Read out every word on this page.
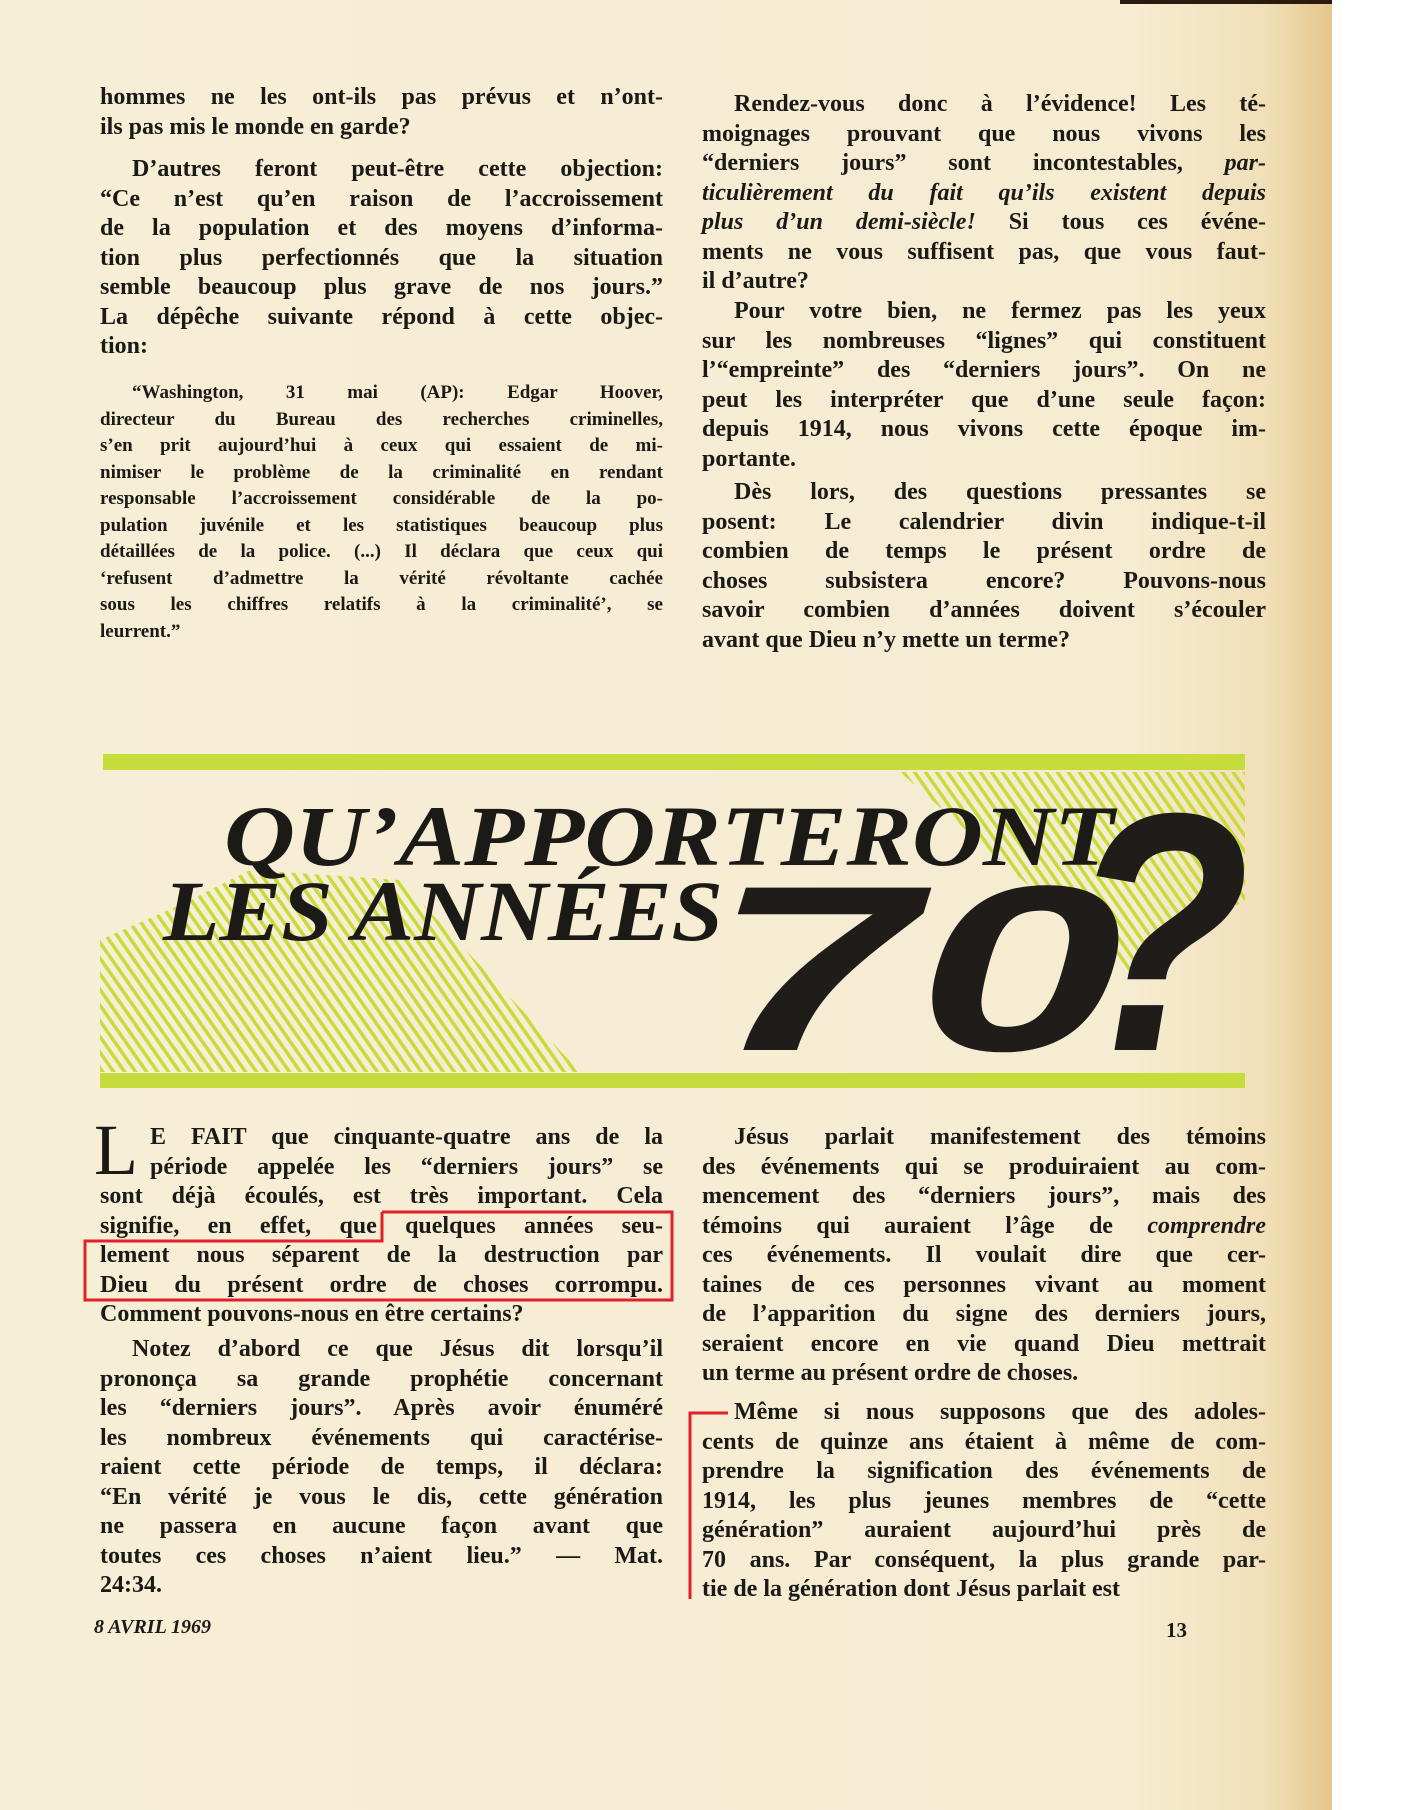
hommes ne les ont-ils pas prévus et n’ont-
ils pas mis le monde en garde?
D’autres feront peut-être cette objection:
“Ce n’est qu’en raison de l’accroissement
de la population et des moyens d’informa-
tion plus perfectionnés que la situation
semble beaucoup plus grave de nos jours.”
La dépêche suivante répond à cette objec-
tion:
“Washington, 31 mai (AP): Edgar Hoover,
directeur du Bureau des recherches criminelles,
s’en prit aujourd’hui à ceux qui essaient de mi-
nimiser le problème de la criminalité en rendant
responsable l’accroissement considérable de la po-
pulation juvénile et les statistiques beaucoup plus
détaillées de la police. (...) Il déclara que ceux qui
‘refusent d’admettre la vérité révoltante cachée
sous les chiffres relatifs à la criminalité’, se
leurrent.”
Rendez-vous donc à l’évidence! Les té-
moignages prouvant que nous vivons les
“derniers jours” sont incontestables, par-
ticulièrement du fait qu’ils existent depuis
plus d’un demi-siècle! Si tous ces événe-
ments ne vous suffisent pas, que vous faut-
il d’autre?
Pour votre bien, ne fermez pas les yeux
sur les nombreuses “lignes” qui constituent
l’“empreinte” des “derniers jours”. On ne
peut les interpréter que d’une seule façon:
depuis 1914, nous vivons cette époque im-
portante.
Dès lors, des questions pressantes se
posent: Le calendrier divin indique-t-il
combien de temps le présent ordre de
choses subsistera encore? Pouvons-nous
savoir combien d’années doivent s’écouler
avant que Dieu n’y mette un terme?
QU’APPORTERONT
LES ANNÉES
70
?
L E FAIT que cinquante-quatre ans de la
période appelée les “derniers jours” se
sont déjà écoulés, est très important. Cela
signifie, en effet, que quelques années seu-
lement nous séparent de la destruction par
Dieu du présent ordre de choses corrompu.
Comment pouvons-nous en être certains?
Notez d’abord ce que Jésus dit lorsqu’il
prononça sa grande prophétie concernant
les “derniers jours”. Après avoir énuméré
les nombreux événements qui caractérise-
raient cette période de temps, il déclara:
“En vérité je vous le dis, cette génération
ne passera en aucune façon avant que
toutes ces choses n’aient lieu.” — Mat.
24:34.
Jésus parlait manifestement des témoins
des événements qui se produiraient au com-
mencement des “derniers jours”, mais des
témoins qui auraient l’âge de comprendre
ces événements. Il voulait dire que cer-
taines de ces personnes vivant au moment
de l’apparition du signe des derniers jours,
seraient encore en vie quand Dieu mettrait
un terme au présent ordre de choses.
Même si nous supposons que des adoles-
cents de quinze ans étaient à même de com-
prendre la signification des événements de
1914, les plus jeunes membres de “cette
génération” auraient aujourd’hui près de
70 ans. Par conséquent, la plus grande par-
tie de la génération dont Jésus parlait est
8 AVRIL 1969	13
